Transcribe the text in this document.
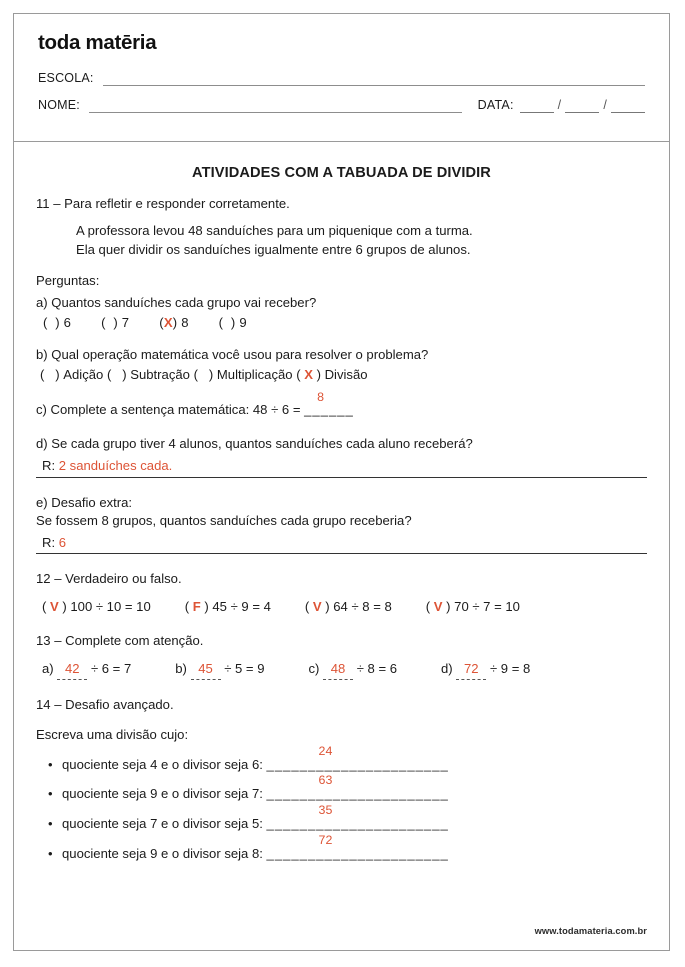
toda matēria
ESCOLA:
NOME:	DATA:	/	/
ATIVIDADES COM A TABUADA DE DIVIDIR
11 – Para refletir e responder corretamente.
A professora levou 48 sanduíches para um piquenique com a turma.
Ela quer dividir os sanduíches igualmente entre 6 grupos de alunos.
Perguntas:
a) Quantos sanduíches cada grupo vai receber?
(  ) 6 (  ) 7 (X) 8 (  ) 9
b) Qual operação matemática você usou para resolver o problema?
(   ) Adição (   ) Subtração (   ) Multiplicação ( X ) Divisão
c) Complete a sentença matemática: 48 ÷ 6 = ______
8
d) Se cada grupo tiver 4 alunos, quantos sanduíches cada aluno receberá?
R: 2 sanduíches cada.
e) Desafio extra:
Se fossem 8 grupos, quantos sanduíches cada grupo receberia?
R: 6
12 – Verdadeiro ou falso.
( V ) 100 ÷ 10 = 10	( F ) 45 ÷ 9 = 4	( V ) 64 ÷ 8 = 8	( V ) 70 ÷ 7 = 10
13 – Complete com atenção.
a) 42 ÷ 6 = 7	b) 45 ÷ 5 = 9	c) 48 ÷ 8 = 6	d) 72 ÷ 9 = 8
14 – Desafio avançado.
Escreva uma divisão cujo:
• quociente seja 4 e o divisor seja 6: ______________________
24
• quociente seja 9 e o divisor seja 7: ______________________
63
• quociente seja 7 e o divisor seja 5: ______________________
35
• quociente seja 9 e o divisor seja 8: ______________________
72
www.todamateria.com.br
